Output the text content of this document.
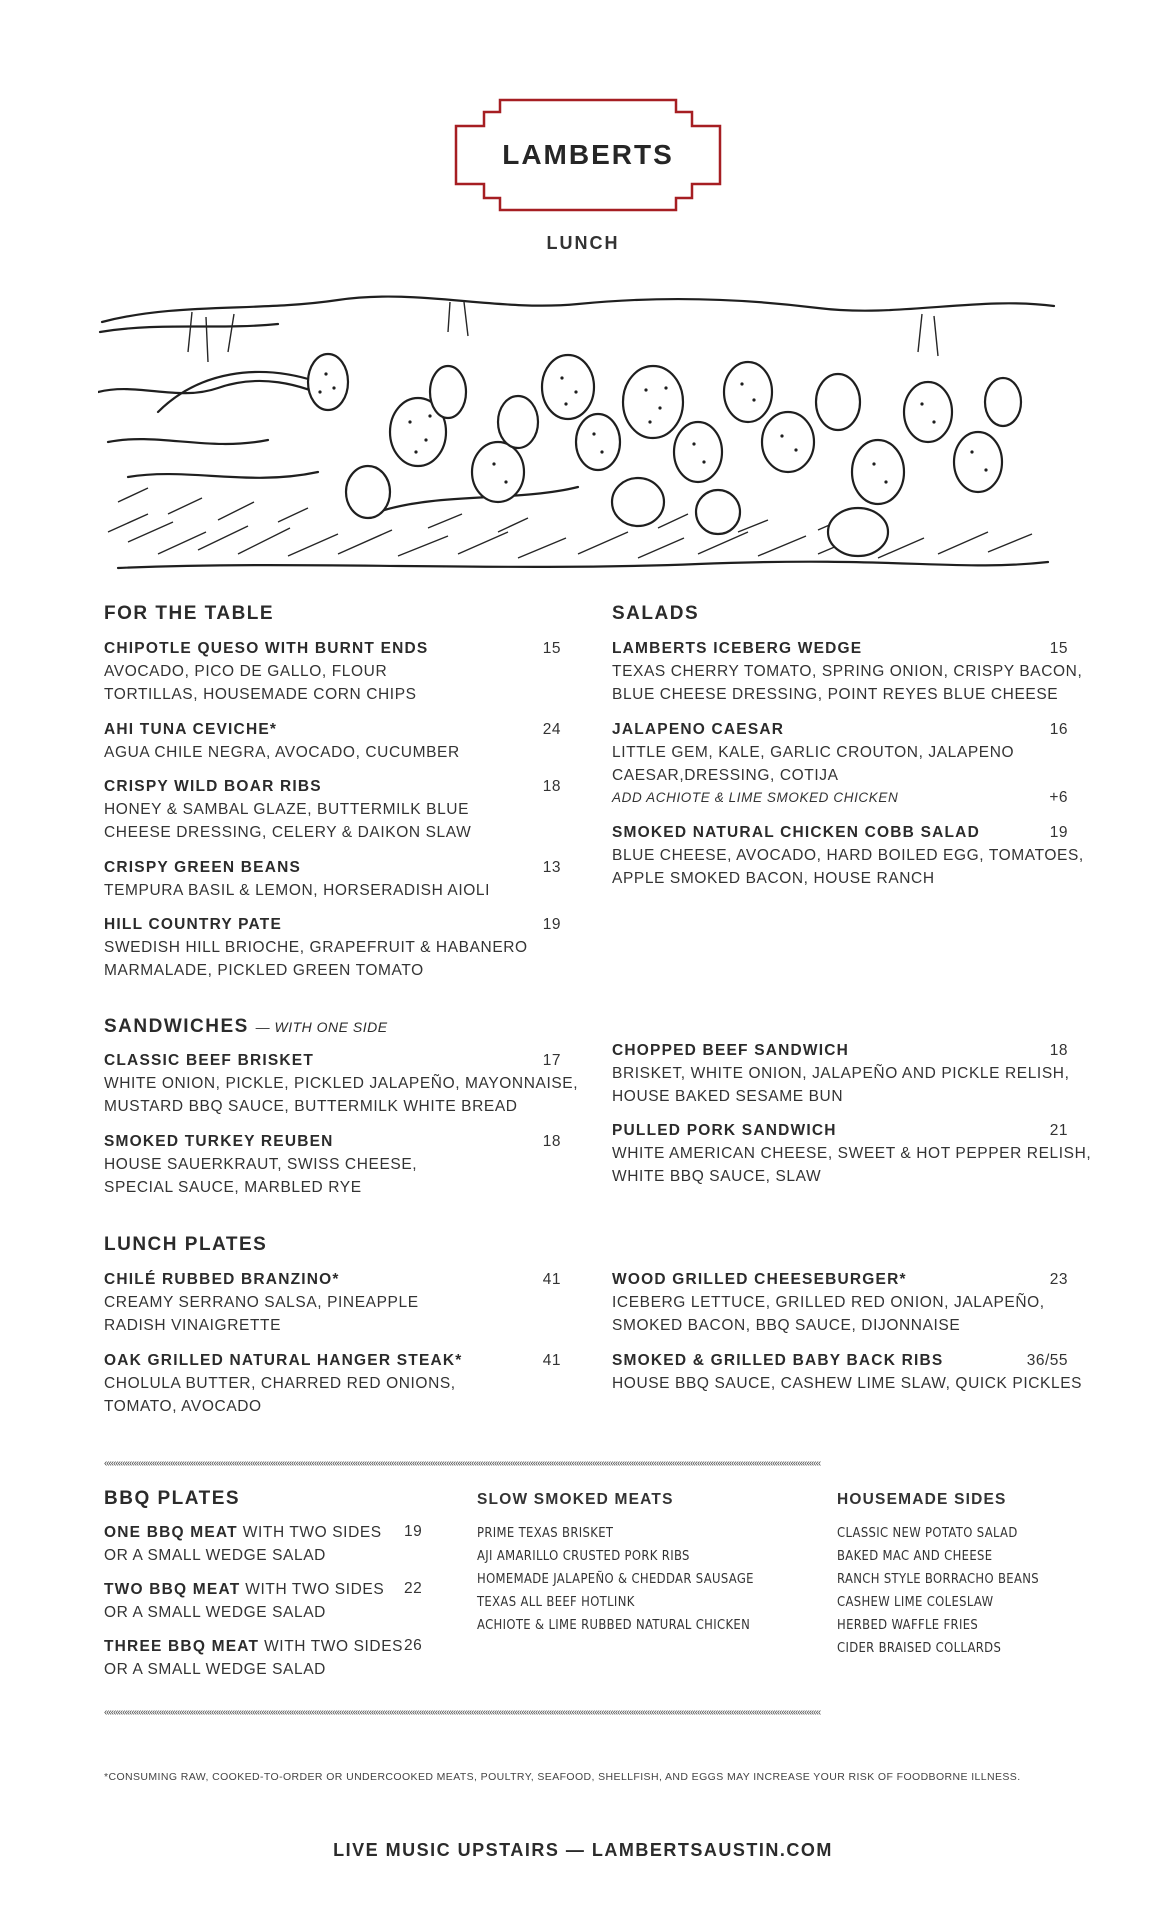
LAMBERTS
LUNCH
FOR THE TABLE
CHIPOTLE QUESO WITH BURNT ENDS
AVOCADO, PICO DE GALLO, FLOUR
TORTILLAS, HOUSEMADE CORN CHIPS
15
AHI TUNA CEVICHE*
AGUA CHILE NEGRA, AVOCADO, CUCUMBER
24
CRISPY WILD BOAR RIBS
HONEY & SAMBAL GLAZE, BUTTERMILK BLUE
CHEESE DRESSING, CELERY & DAIKON SLAW
18
CRISPY GREEN BEANS
TEMPURA BASIL & LEMON, HORSERADISH AIOLI
13
HILL COUNTRY PATE
SWEDISH HILL BRIOCHE, GRAPEFRUIT & HABANERO
MARMALADE, PICKLED GREEN TOMATO
19
SALADS
LAMBERTS ICEBERG WEDGE
TEXAS CHERRY TOMATO, SPRING ONION, CRISPY BACON,
BLUE CHEESE DRESSING, POINT REYES BLUE CHEESE
15
JALAPENO CAESAR
LITTLE GEM, KALE, GARLIC CROUTON, JALAPENO
CAESAR,DRESSING, COTIJA
ADD ACHIOTE & LIME SMOKED CHICKEN
16
+6
SMOKED NATURAL CHICKEN COBB SALAD
BLUE CHEESE, AVOCADO, HARD BOILED EGG, TOMATOES,
APPLE SMOKED BACON, HOUSE RANCH
19
SANDWICHES — WITH ONE SIDE
CLASSIC BEEF BRISKET
WHITE ONION, PICKLE, PICKLED JALAPEÑO, MAYONNAISE,
MUSTARD BBQ SAUCE, BUTTERMILK WHITE BREAD
17
SMOKED TURKEY REUBEN
HOUSE SAUERKRAUT, SWISS CHEESE,
SPECIAL SAUCE, MARBLED RYE
18
CHOPPED BEEF SANDWICH
BRISKET, WHITE ONION, JALAPEÑO AND PICKLE RELISH,
HOUSE BAKED SESAME BUN
18
PULLED PORK SANDWICH
WHITE AMERICAN CHEESE, SWEET & HOT PEPPER RELISH,
WHITE BBQ SAUCE, SLAW
21
LUNCH PLATES
CHILÉ RUBBED BRANZINO*
CREAMY SERRANO SALSA, PINEAPPLE
RADISH VINAIGRETTE
41
OAK GRILLED NATURAL HANGER STEAK*
CHOLULA BUTTER, CHARRED RED ONIONS,
TOMATO, AVOCADO
41
WOOD GRILLED CHEESEBURGER*
ICEBERG LETTUCE, GRILLED RED ONION, JALAPEÑO,
SMOKED BACON, BBQ SAUCE, DIJONNAISE
23
SMOKED & GRILLED BABY BACK RIBS
HOUSE BBQ SAUCE, CASHEW LIME SLAW, QUICK PICKLES
36/55
«««««««««««««««««««««««««««««««««««««««««««««««««««««««««««««««««««««««««««««««««««««««««««««««««««««««««««««««««««««««««««««««««««««««««««««««««««««««««««««
«««««««««««««««««««««««««««««««««««««««««««««««««««««««««««««««««««««««««««««««««««««««««««««««««««««««««««««««««««««««««««««««««««««««««««««««««««««««««««««
BBQ PLATES
ONE BBQ MEAT WITH TWO SIDES
OR A SMALL WEDGE SALAD
19
TWO BBQ MEAT WITH TWO SIDES
OR A SMALL WEDGE SALAD
22
THREE BBQ MEAT WITH TWO SIDES
OR A SMALL WEDGE SALAD
26
SLOW SMOKED MEATS
PRIME TEXAS BRISKET
AJI AMARILLO CRUSTED PORK RIBS
HOMEMADE JALAPEÑO & CHEDDAR SAUSAGE
TEXAS ALL BEEF HOTLINK
ACHIOTE & LIME RUBBED NATURAL CHICKEN
HOUSEMADE SIDES
CLASSIC NEW POTATO SALAD
BAKED MAC AND CHEESE
RANCH STYLE BORRACHO BEANS
CASHEW LIME COLESLAW
HERBED WAFFLE FRIES
CIDER BRAISED COLLARDS
*CONSUMING RAW, COOKED-TO-ORDER OR UNDERCOOKED MEATS, POULTRY, SEAFOOD, SHELLFISH, AND EGGS MAY INCREASE YOUR RISK OF FOODBORNE ILLNESS.
LIVE MUSIC UPSTAIRS — LAMBERTSAUSTIN.COM
